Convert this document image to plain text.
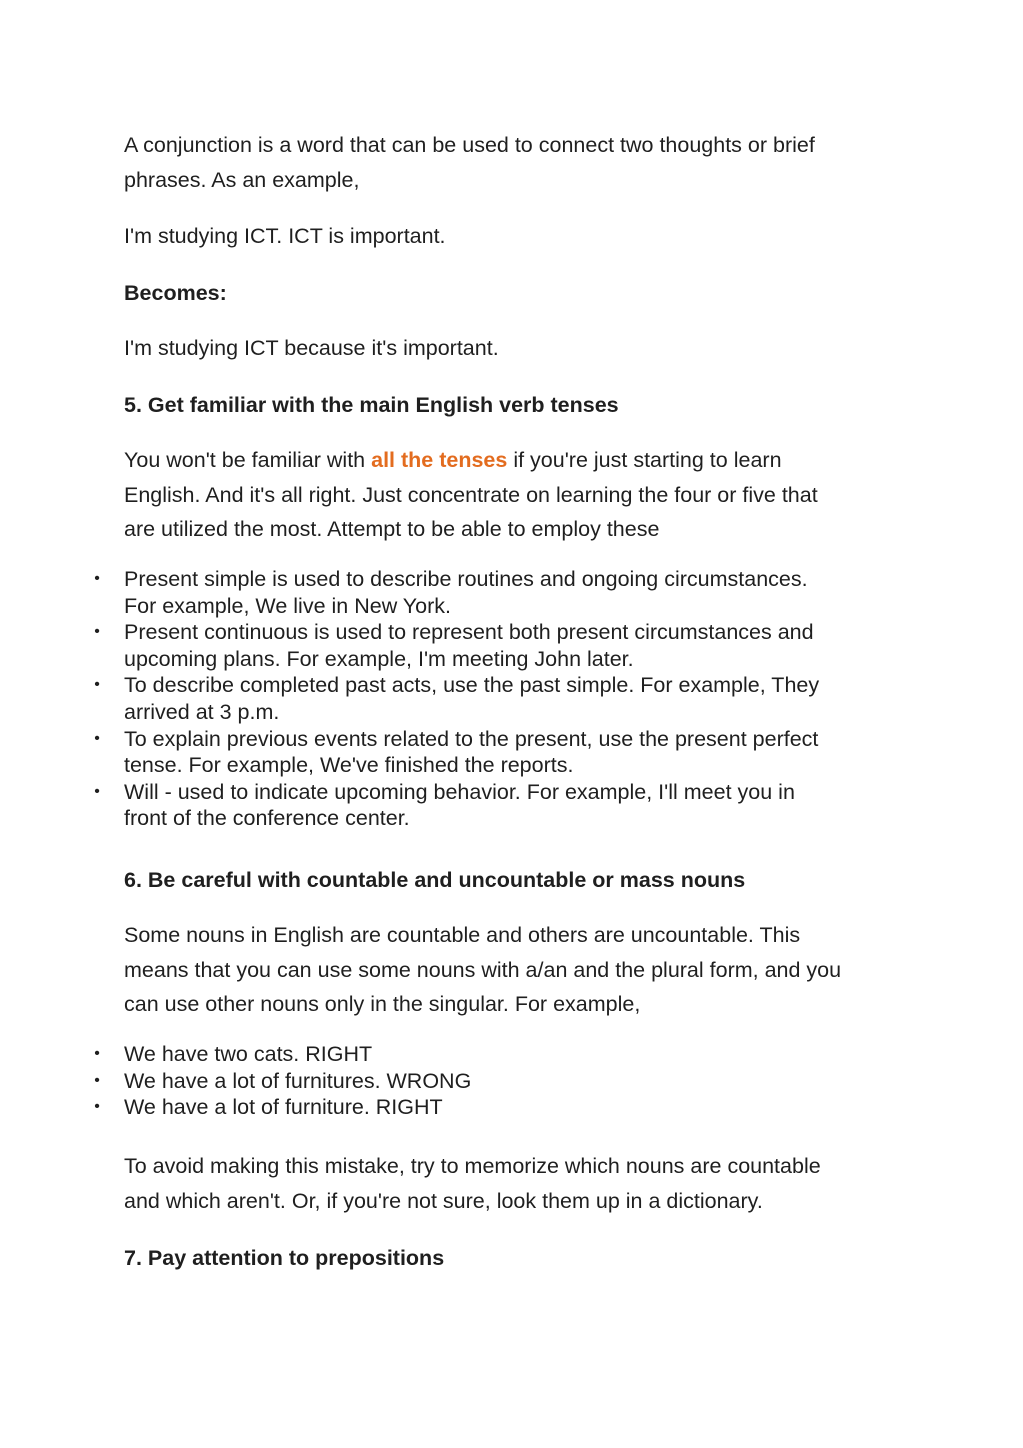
A conjunction is a word that can be used to connect two thoughts or brief
phrases. As an example,

I'm studying ICT. ICT is important.

Becomes:

I'm studying ICT because it's important.

5. Get familiar with the main English verb tenses

You won't be familiar with all the tenses if you're just starting to learn
English. And it's all right. Just concentrate on learning the four or five that
are utilized the most. Attempt to be able to employ these

• Present simple is used to describe routines and ongoing circumstances.
For example, We live in New York.
• Present continuous is used to represent both present circumstances and
upcoming plans. For example, I'm meeting John later.
• To describe completed past acts, use the past simple. For example, They
arrived at 3 p.m.
• To explain previous events related to the present, use the present perfect
tense. For example, We've finished the reports.
• Will - used to indicate upcoming behavior. For example, I'll meet you in
front of the conference center.

6. Be careful with countable and uncountable or mass nouns

Some nouns in English are countable and others are uncountable. This
means that you can use some nouns with a/an and the plural form, and you
can use other nouns only in the singular. For example,

• We have two cats. RIGHT
• We have a lot of furnitures. WRONG
• We have a lot of furniture. RIGHT

To avoid making this mistake, try to memorize which nouns are countable
and which aren't. Or, if you're not sure, look them up in a dictionary.

7. Pay attention to prepositions
